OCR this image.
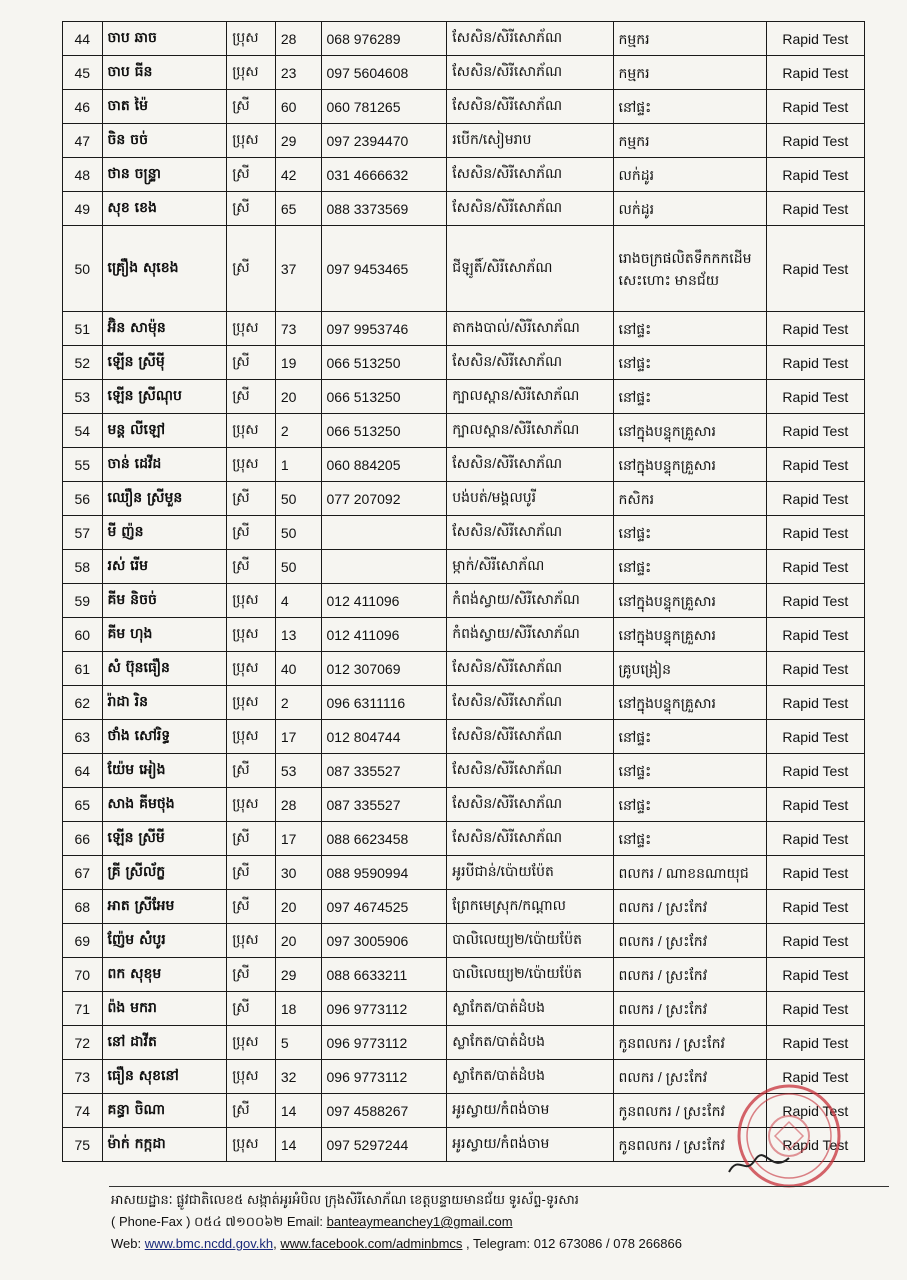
44	ចាប ឆាច	ប្រុស	28	068 976289	សែសិន/សិរីសោភ័ណ	កម្មករ	Rapid Test
45	ចាប ធីន	ប្រុស	23	097 5604608	សែសិន/សិរីសោភ័ណ	កម្មករ	Rapid Test
46	ចាត ម៉ៃ	ស្រី	60	060 781265	សែសិន/សិរីសោភ័ណ	នៅផ្ទះ	Rapid Test
47	ចិន ចច់	ប្រុស	29	097 2394470	របើក/សៀមរាប	កម្មករ	Rapid Test
48	ថាន ចន្ទ្រា	ស្រី	42	031 4666632	សែសិន/សិរីសោភ័ណ	លក់ដូរ	Rapid Test
49	សុខ ខេង	ស្រី	65	088 3373569	សែសិន/សិរីសោភ័ណ	លក់ដូរ	Rapid Test
50	គ្រឿង សុខេង	ស្រី	37	097 9453465	ជីឡូតិ៍/សិរីសោភ័ណ	រោងចក្រផលិតទឹកកកដើម សេះហោះ មានជ័យ	Rapid Test
51	អ៊ិន សាម៉ុន	ប្រុស	73	097 9953746	តាកងបាល់/សិរីសោភ័ណ	នៅផ្ទះ	Rapid Test
52	ឡើន ស្រីមុី	ស្រី	19	066 513250	សែសិន/សិរីសោភ័ណ	នៅផ្ទះ	Rapid Test
53	ឡើន ស្រីណុប	ស្រី	20	066 513250	ក្បាលស្ពាន/សិរីសោភ័ណ	នៅផ្ទះ	Rapid Test
54	មន្ត លីឡៅ	ប្រុស	2	066 513250	ក្បាលស្ពាន/សិរីសោភ័ណ	នៅក្នុងបន្ទុកគ្រួសារ	Rapid Test
55	ចាន់ ដេវីដ	ប្រុស	1	060 884205	សែសិន/សិរីសោភ័ណ	នៅក្នុងបន្ទុកគ្រួសារ	Rapid Test
56	ឈឿន ស្រីមួន	ស្រី	50	077 207092	បង់បត់/មង្គលបូរី	កសិករ	Rapid Test
57	មី ញ៉ន	ស្រី	50		សែសិន/សិរីសោភ័ណ	នៅផ្ទះ	Rapid Test
58	រស់ រើម	ស្រី	50		ម្កាក់/សិរីសោភ័ណ	នៅផ្ទះ	Rapid Test
59	គីម និចច់	ប្រុស	4	012 411096	កំពង់ស្វាយ/សិរីសោភ័ណ	នៅក្នុងបន្ទុកគ្រួសារ	Rapid Test
60	គីម ហុង	ប្រុស	13	012 411096	កំពង់ស្វាយ/សិរីសោភ័ណ	នៅក្នុងបន្ទុកគ្រួសារ	Rapid Test
61	សំ ប៊ុនធឿន	ប្រុស	40	012 307069	សែសិន/សិរីសោភ័ណ	គ្រូបង្រៀន	Rapid Test
62	រ៉ាដា រិន	ប្រុស	2	096 6311116	សែសិន/សិរីសោភ័ណ	នៅក្នុងបន្ទុកគ្រួសារ	Rapid Test
63	ថាំង សៅរិទ្ធ	ប្រុស	17	012 804744	សែសិន/សិរីសោភ័ណ	នៅផ្ទះ	Rapid Test
64	យ៉ែម អៀង	ស្រី	53	087 335527	សែសិន/សិរីសោភ័ណ	នៅផ្ទះ	Rapid Test
65	សាង គីមថុង	ប្រុស	28	087 335527	សែសិន/សិរីសោភ័ណ	នៅផ្ទះ	Rapid Test
66	ឡើន ស្រីមី	ស្រី	17	088 6623458	សែសិន/សិរីសោភ័ណ	នៅផ្ទះ	Rapid Test
67	គ្រី ស្រីល័ក្ខ	ស្រី	30	088 9590994	អូរបីជាន់/ប៉ោយប៉ែត	ពលករ / ណាខនណាយុជ	Rapid Test
68	អាត ស្រីអែម	ស្រី	20	097 4674525	ព្រែកមេស្រុក/កណ្ដាល	ពលករ / ស្រះកែវ	Rapid Test
69	ញ៉ែម សំបូរ	ប្រុស	20	097 3005906	បាលិលេយ្យ២/ប៉ោយប៉ែត	ពលករ / ស្រះកែវ	Rapid Test
70	ពក សុខុម	ស្រី	29	088 6633211	បាលិលេយ្យ២/ប៉ោយប៉ែត	ពលករ / ស្រះកែវ	Rapid Test
71	ព៉ង មករា	ស្រី	18	096 9773112	ស្លាកែត/បាត់ដំបង	ពលករ / ស្រះកែវ	Rapid Test
72	នៅ ដាវីត	ប្រុស	5	096 9773112	ស្លាកែត/បាត់ដំបង	កូនពលករ / ស្រះកែវ	Rapid Test
73	ធឿន សុខនៅ	ប្រុស	32	096 9773112	ស្លាកែត/បាត់ដំបង	ពលករ / ស្រះកែវ	Rapid Test
74	គន្ធា ចិណា	ស្រី	14	097 4588267	អូរស្វាយ/កំពង់ចាម	កូនពលករ / ស្រះកែវ	Rapid Test
75	ម៉ាក់ កក្កដា	ប្រុស	14	097 5297244	អូរស្វាយ/កំពង់ចាម	កូនពលករ / ស្រះកែវ	Rapid Test
អាសយដ្ឋានៈ ផ្លូវជាតិលេខ៥ សង្កាត់អូរអំបិល ក្រុងសិរីសោភ័ណ ខេត្តបន្ទាយមានជ័យ ទូរស័ព្ទ-ទូរសារ
( Phone-Fax ) ០៥៤ ៧១០០៦២ Email: banteaymeanchey1@gmail.com
Web: www.bmc.ncdd.gov.kh, www.facebook.com/adminbmcs , Telegram: 012 673086 / 078 266866
